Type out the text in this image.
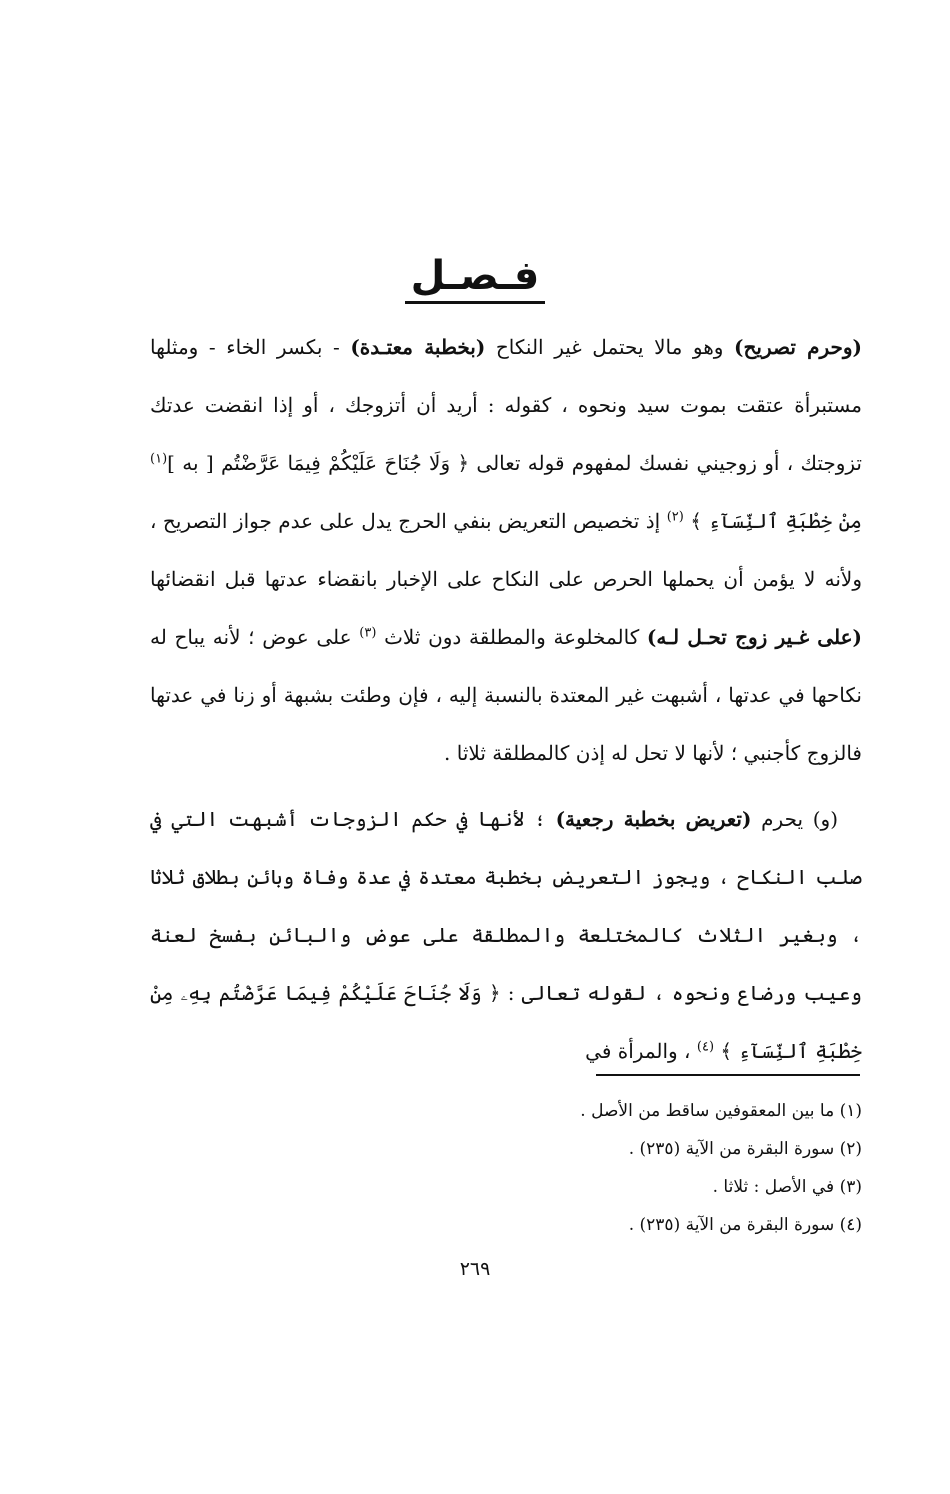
فـصـل

(وحرم تصريح) وهو مالا يحتمل غير النكاح (بخطبة معتـدة) - بكسر الخاء - ومثلها مستبرأة عتقت بموت سيد ونحوه ، كقوله : أريد أن أتزوجك ، أو إذا انقضت عدتك تزوجتك ، أو زوجيني نفسك لمفهوم قوله تعالى ﴿ وَلَا جُنَاحَ عَلَيْكُمْ فِيمَا عَرَّضْتُم [ به ]$^{(١)}$ مِنْ خِطْبَةِ ٱلنِّسَآءِ ﴾ $^{(٢)}$ إذ تخصيص التعريض بنفي الحرج يدل على عدم جواز التصريح ، ولأنه لا يؤمن أن يحملها الحرص على النكاح على الإخبار بانقضاء عدتها قبل انقضائها (على غـير زوج تحـل لـه) كالمخلوعة والمطلقة دون ثلاث $^{(٣)}$ على عوض ؛ لأنه يباح له نكاحها في عدتها ، أشبهت غير المعتدة بالنسبة إليه ، فإن وطئت بشبهة أو زنا في عدتها فالزوج كأجنبي ؛ لأنها لا تحل له إذن كالمطلقة ثلاثا .

(و) يحرم (تعريض بخطبة رجعية) ؛ لأنها في حكم الزوجات أشبهت التي في صلب النكاح ، ويجوز التعريض بخطبة معتدة في عدة وفاة وبائن بطلاق ثلاثا ، وبغير الثلاث كالمختلعة والمطلقة على عوض والبائن بفسخ لعنة وعيب ورضاع ونحوه ، لقوله تعالى : ﴿ وَلَا جُنَاحَ عَلَيْكُمْ فِيمَا عَرَّضْتُم بِهِۦ مِنْ خِطْبَةِ ٱلنِّسَآءِ ﴾ $^{(٤)}$ ، والمرأة في

(١) ما بين المعقوفين ساقط من الأصل .
(٢) سورة البقرة من الآية (٢٣٥) .
(٣) في الأصل : ثلاثا .
(٤) سورة البقرة من الآية (٢٣٥) .
٢٦٩
